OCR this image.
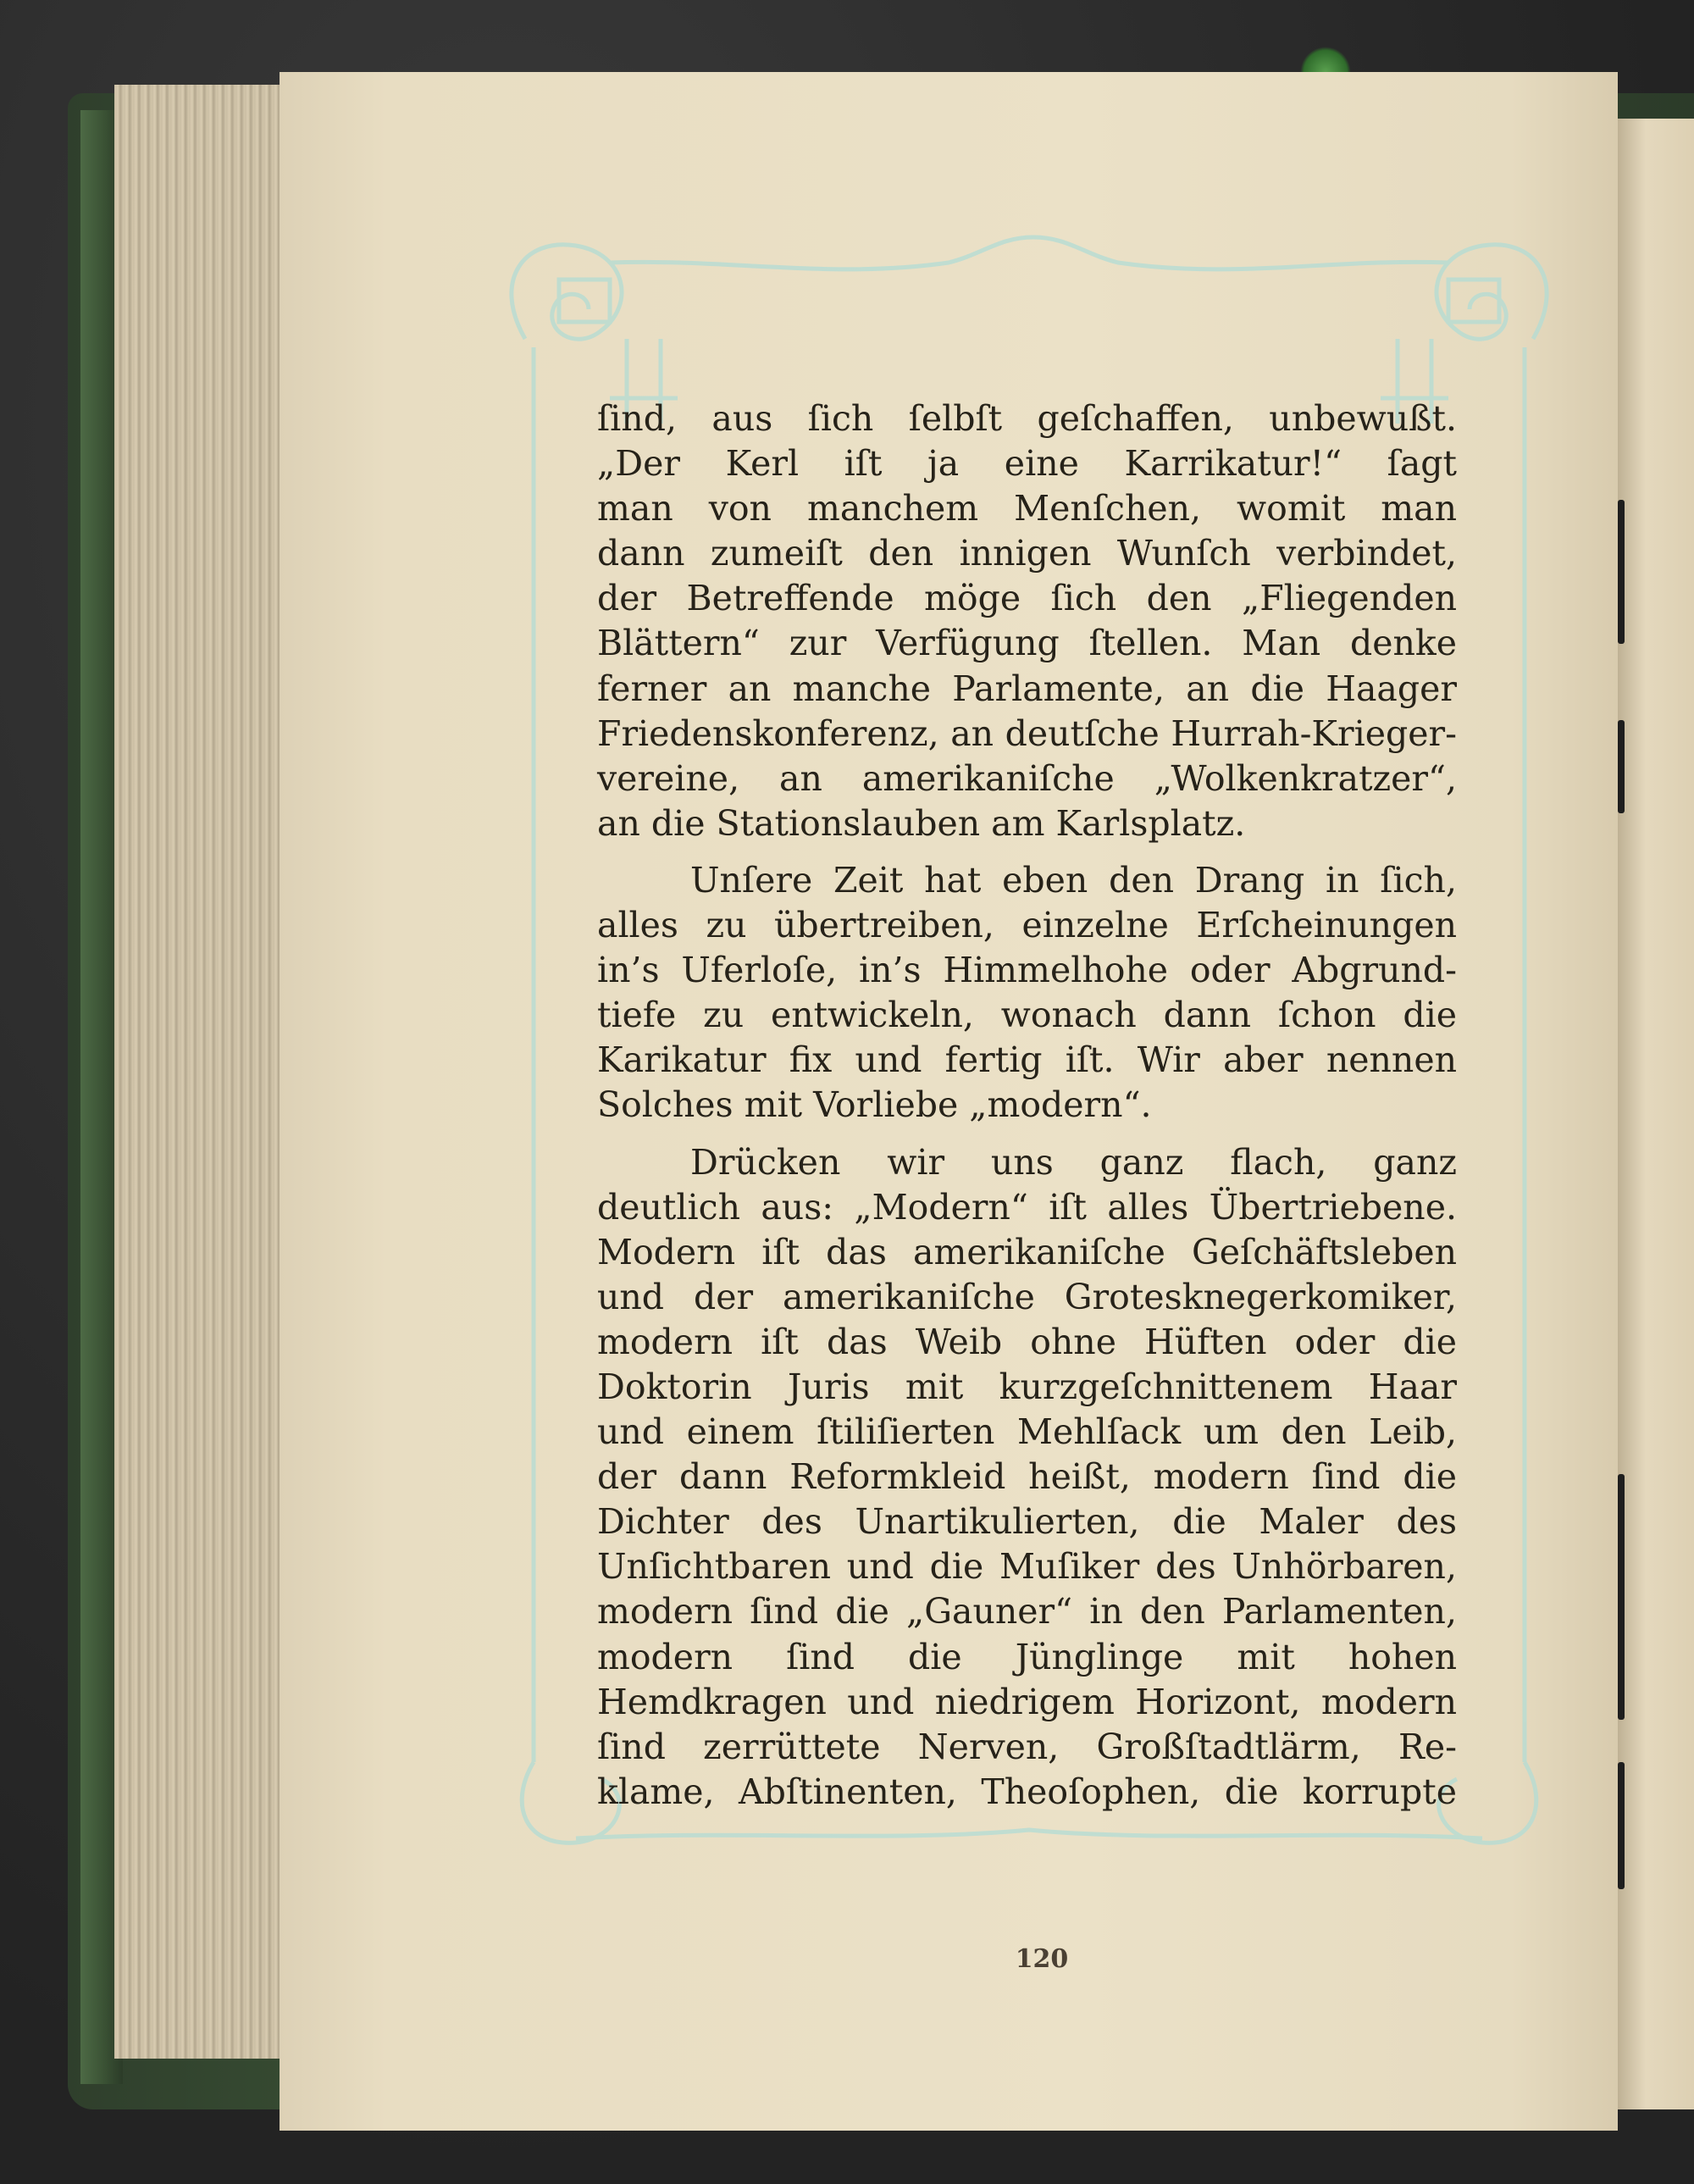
ſind, aus ſich ſelbſt geſchaffen, unbewußt.
„Der Kerl iſt ja eine Karrikatur!“ ſagt
man von manchem Menſchen, womit man
dann zumeiſt den innigen Wunſch verbindet,
der Betreffende möge ſich den „Fliegenden
Blättern“ zur Verfügung ſtellen. Man denke
ferner an manche Parlamente, an die Haager
Friedenskonferenz, an deutſche Hurrah-Krieger-
vereine, an amerikaniſche „Wolkenkratzer“,
an die Stationslauben am Karlsplatz.
Unſere Zeit hat eben den Drang in ſich,
alles zu übertreiben, einzelne Erſcheinungen
in’s Uferloſe, in’s Himmelhohe oder Abgrund-
tiefe zu entwickeln, wonach dann ſchon die
Karikatur fix und fertig iſt. Wir aber nennen
Solches mit Vorliebe „modern“.
Drücken wir uns ganz flach, ganz
deutlich aus: „Modern“ iſt alles Übertriebene.
Modern iſt das amerikaniſche Geſchäftsleben
und der amerikaniſche Grotesknegerkomiker,
modern iſt das Weib ohne Hüften oder die
Doktorin Juris mit kurzgeſchnittenem Haar
und einem ſtiliſierten Mehlſack um den Leib,
der dann Reformkleid heißt, modern ſind die
Dichter des Unartikulierten, die Maler des
Unſichtbaren und die Muſiker des Unhörbaren,
modern ſind die „Gauner“ in den Parlamenten,
modern ſind die Jünglinge mit hohen
Hemdkragen und niedrigem Horizont, modern
ſind zerrüttete Nerven, Großſtadtlärm, Re-
klame, Abſtinenten, Theoſophen, die korrupte
120
